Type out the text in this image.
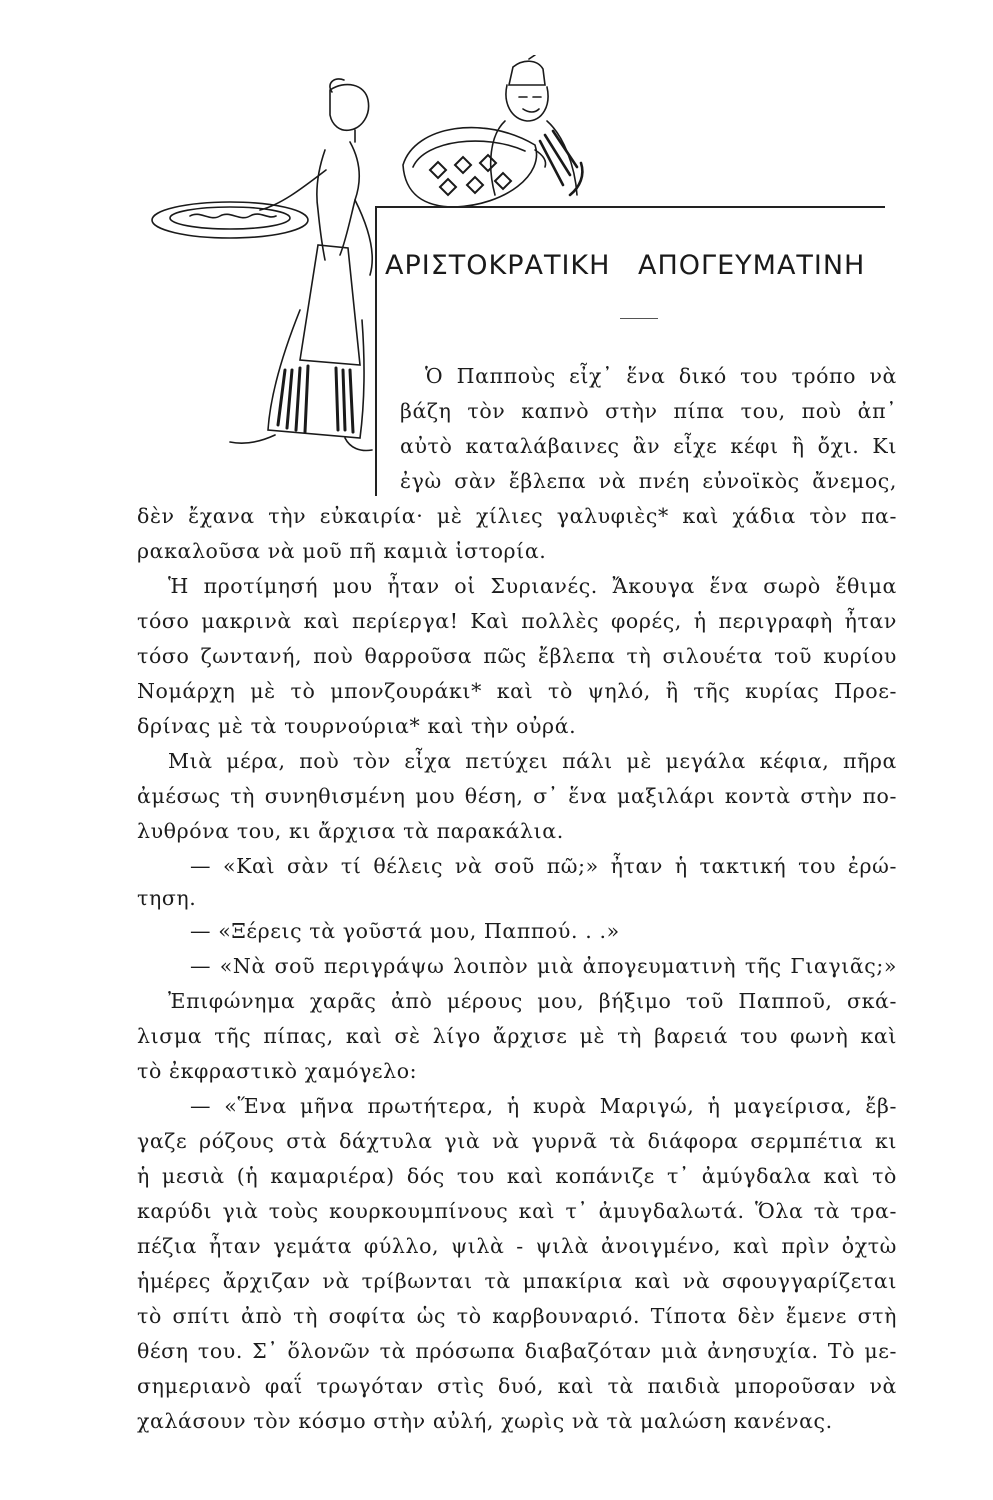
ΑΡΙΣΤΟΚΡΑΤΙΚΗ ΑΠΟΓΕΥΜΑΤΙΝΗ
Ὁ Παπποὺς εἶχ᾿ ἕνα δικό του τρόπο νὰ
βάζη τὸν καπνὸ στὴν πίπα του, ποὺ ἀπ᾿
αὐτὸ καταλάβαινες ἂν εἶχε κέφι ἢ ὄχι. Κι
ἐγὼ σὰν ἔβλεπα νὰ πνέη εὐνοϊκὸς ἄνεμος,
δὲν ἔχανα τὴν εὐκαιρία· μὲ χίλιες γαλυφιὲς* καὶ χάδια τὸν πα-
ρακαλοῦσα νὰ μοῦ πῆ καμιὰ ἱστορία.
Ἡ προτίμησή μου ἦταν οἱ Συριανές. Ἄκουγα ἕνα σωρὸ ἔθιμα
τόσο μακρινὰ καὶ περίεργα! Καὶ πολλὲς φορές, ἡ περιγραφὴ ἦταν
τόσο ζωντανή, ποὺ θαρροῦσα πῶς ἔβλεπα τὴ σιλουέτα τοῦ κυρίου
Νομάρχη μὲ τὸ μπονζουράκι* καὶ τὸ ψηλό, ἢ τῆς κυρίας Προε-
δρίνας μὲ τὰ τουρνούρια* καὶ τὴν οὐρά.
Μιὰ μέρα, ποὺ τὸν εἶχα πετύχει πάλι μὲ μεγάλα κέφια, πῆρα
ἀμέσως τὴ συνηθισμένη μου θέση, σ᾿ ἕνα μαξιλάρι κοντὰ στὴν πο-
λυθρόνα του, κι ἄρχισα τὰ παρακάλια.
— «Καὶ σὰν τί θέλεις νὰ σοῦ πῶ;» ἦταν ἡ τακτική του ἐρώ-
τηση.
— «Ξέρεις τὰ γοῦστά μου, Παππού. . .»
— «Νὰ σοῦ περιγράψω λοιπὸν μιὰ ἀπογευματινὴ τῆς Γιαγιᾶς;»
Ἐπιφώνημα χαρᾶς ἀπὸ μέρους μου, βήξιμο τοῦ Παπποῦ, σκά-
λισμα τῆς πίπας, καὶ σὲ λίγο ἄρχισε μὲ τὴ βαρειά του φωνὴ καὶ
τὸ ἐκφραστικὸ χαμόγελο:
— «Ἕνα μῆνα πρωτήτερα, ἡ κυρὰ Μαριγώ, ἡ μαγείρισα, ἔβ-
γαζε ρόζους στὰ δάχτυλα γιὰ νὰ γυρνᾶ τὰ διάφορα σερμπέτια κι
ἡ μεσιὰ (ἡ καμαριέρα) δός του καὶ κοπάνιζε τ᾿ ἀμύγδαλα καὶ τὸ
καρύδι γιὰ τοὺς κουρκουμπίνους καὶ τ᾿ ἀμυγδαλωτά. Ὅλα τὰ τρα-
πέζια ἦταν γεμάτα φύλλο, ψιλὰ - ψιλὰ ἀνοιγμένο, καὶ πρὶν ὀχτὼ
ἡμέρες ἄρχιζαν νὰ τρίβωνται τὰ μπακίρια καὶ νὰ σφουγγαρίζεται
τὸ σπίτι ἀπὸ τὴ σοφίτα ὡς τὸ καρβουναριό. Τίποτα δὲν ἔμενε στὴ
θέση του. Σ᾿ ὅλονῶν τὰ πρόσωπα διαβαζόταν μιὰ ἀνησυχία. Τὸ με-
σημεριανὸ φαΐ τρωγόταν στὶς δυό, καὶ τὰ παιδιὰ μποροῦσαν νὰ
χαλάσουν τὸν κόσμο στὴν αὐλή, χωρὶς νὰ τὰ μαλώση κανένας.
